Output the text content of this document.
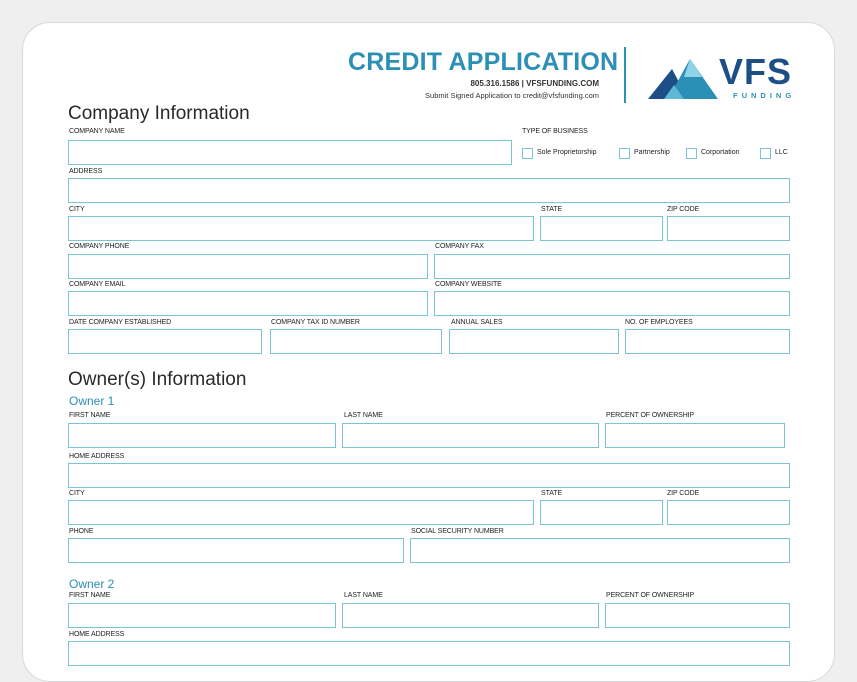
CREDIT APPLICATION
805.316.1586 | VFSFUNDING.COM
Submit Signed Application to credit@vfsfunding.com
VFS
FUNDING
Company Information
COMPANY NAME	TYPE OF BUSINESS
Sole Proprietorship	Partnership	Corportation	LLC
ADDRESS
CITY	STATE	ZIP CODE
COMPANY PHONE	COMPANY FAX
COMPANY EMAIL	COMPANY WEBSITE
DATE COMPANY ESTABLISHED	COMPANY TAX ID NUMBER	ANNUAL SALES	NO. OF EMPLOYEES
Owner(s) Information
Owner 1
FIRST NAME	LAST NAME	PERCENT OF OWNERSHIP
HOME ADDRESS
CITY	STATE	ZIP CODE
PHONE	SOCIAL SECURITY NUMBER
Owner 2
FIRST NAME	LAST NAME	PERCENT OF OWNERSHIP
HOME ADDRESS
